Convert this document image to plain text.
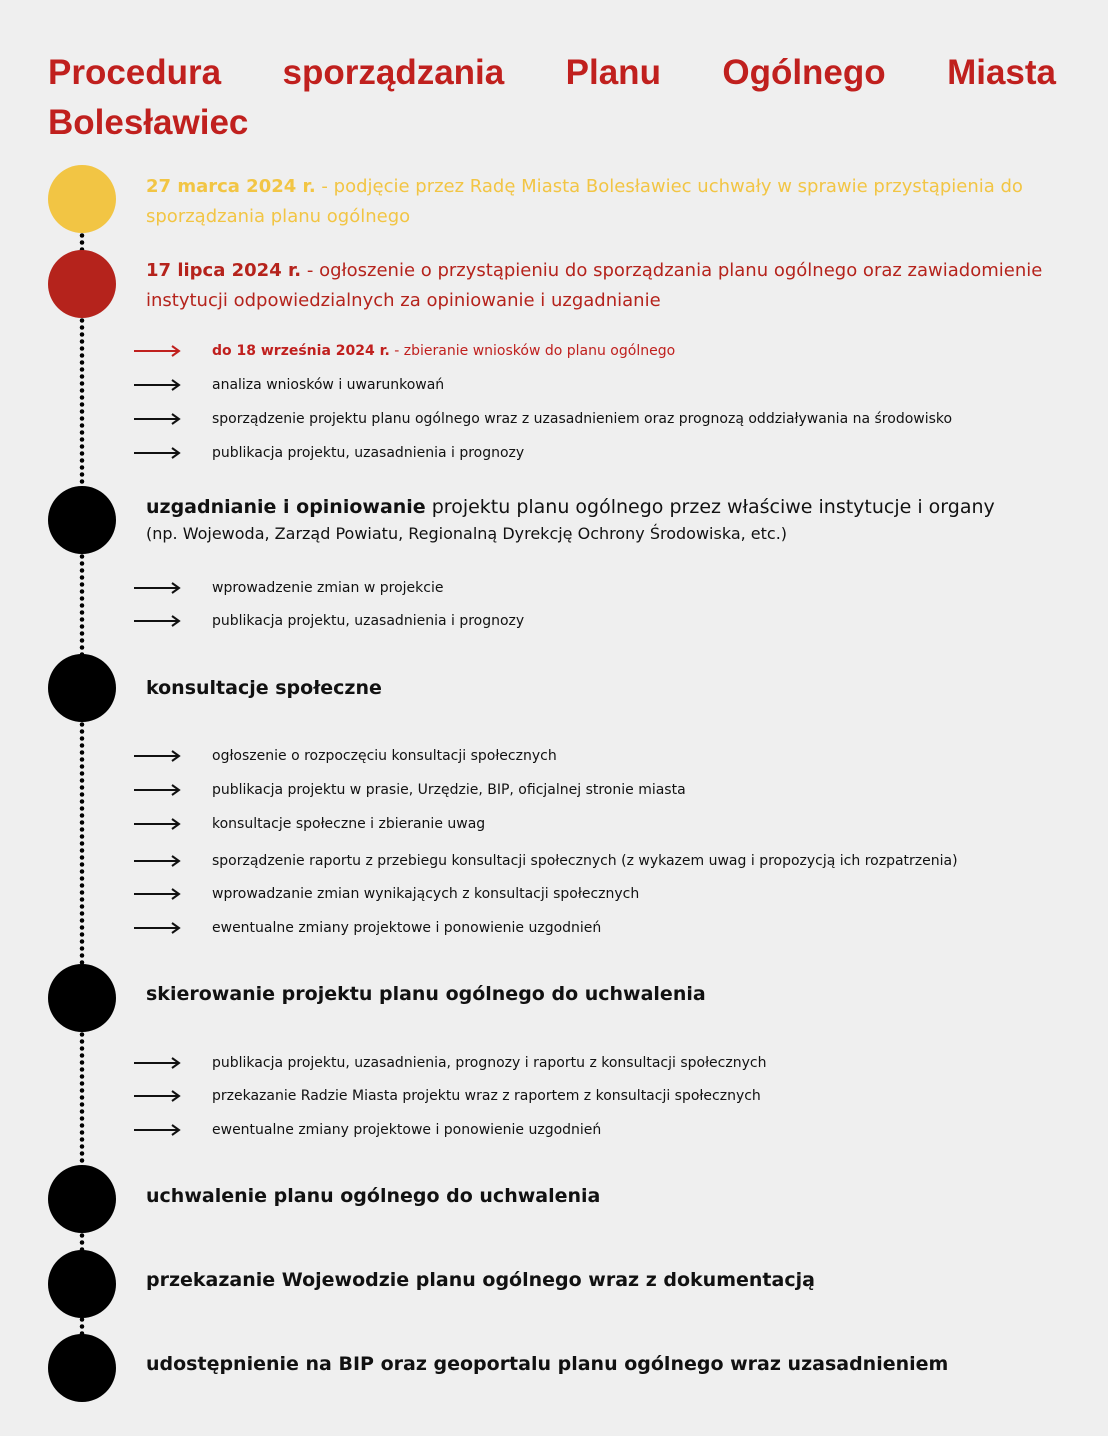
Procedura sporządzania Planu Ogólnego Miasta Bolesławiec
27 marca 2024 r. - podjęcie przez Radę Miasta Bolesławiec uchwały w sprawie przystąpienia do sporządzania planu ogólnego
17 lipca 2024 r. - ogłoszenie o przystąpieniu do sporządzania planu ogólnego oraz zawiadomienie instytucji odpowiedzialnych za opiniowanie i uzgadnianie
do 18 września 2024 r. - zbieranie wniosków do planu ogólnego
analiza wniosków i uwarunkowań
sporządzenie projektu planu ogólnego wraz z uzasadnieniem oraz prognozą oddziaływania na środowisko
publikacja projektu, uzasadnienia i prognozy
uzgadnianie i opiniowanie projektu planu ogólnego przez właściwe instytucje i organy
(np. Wojewoda, Zarząd Powiatu, Regionalną Dyrekcję Ochrony Środowiska, etc.)
wprowadzenie zmian w projekcie
publikacja projektu, uzasadnienia i prognozy
konsultacje społeczne
ogłoszenie o rozpoczęciu konsultacji społecznych
publikacja projektu w prasie, Urzędzie, BIP, oficjalnej stronie miasta
konsultacje społeczne i zbieranie uwag
sporządzenie raportu z przebiegu konsultacji społecznych (z wykazem uwag i propozycją ich rozpatrzenia)
wprowadzanie zmian wynikających z konsultacji społecznych
ewentualne zmiany projektowe i ponowienie uzgodnień
skierowanie projektu planu ogólnego do uchwalenia
publikacja projektu, uzasadnienia, prognozy i raportu z konsultacji społecznych
przekazanie Radzie Miasta projektu wraz z raportem z konsultacji społecznych
ewentualne zmiany projektowe i ponowienie uzgodnień
uchwalenie planu ogólnego do uchwalenia
przekazanie Wojewodzie planu ogólnego wraz z dokumentacją
udostępnienie na BIP oraz geoportalu planu ogólnego wraz uzasadnieniem
